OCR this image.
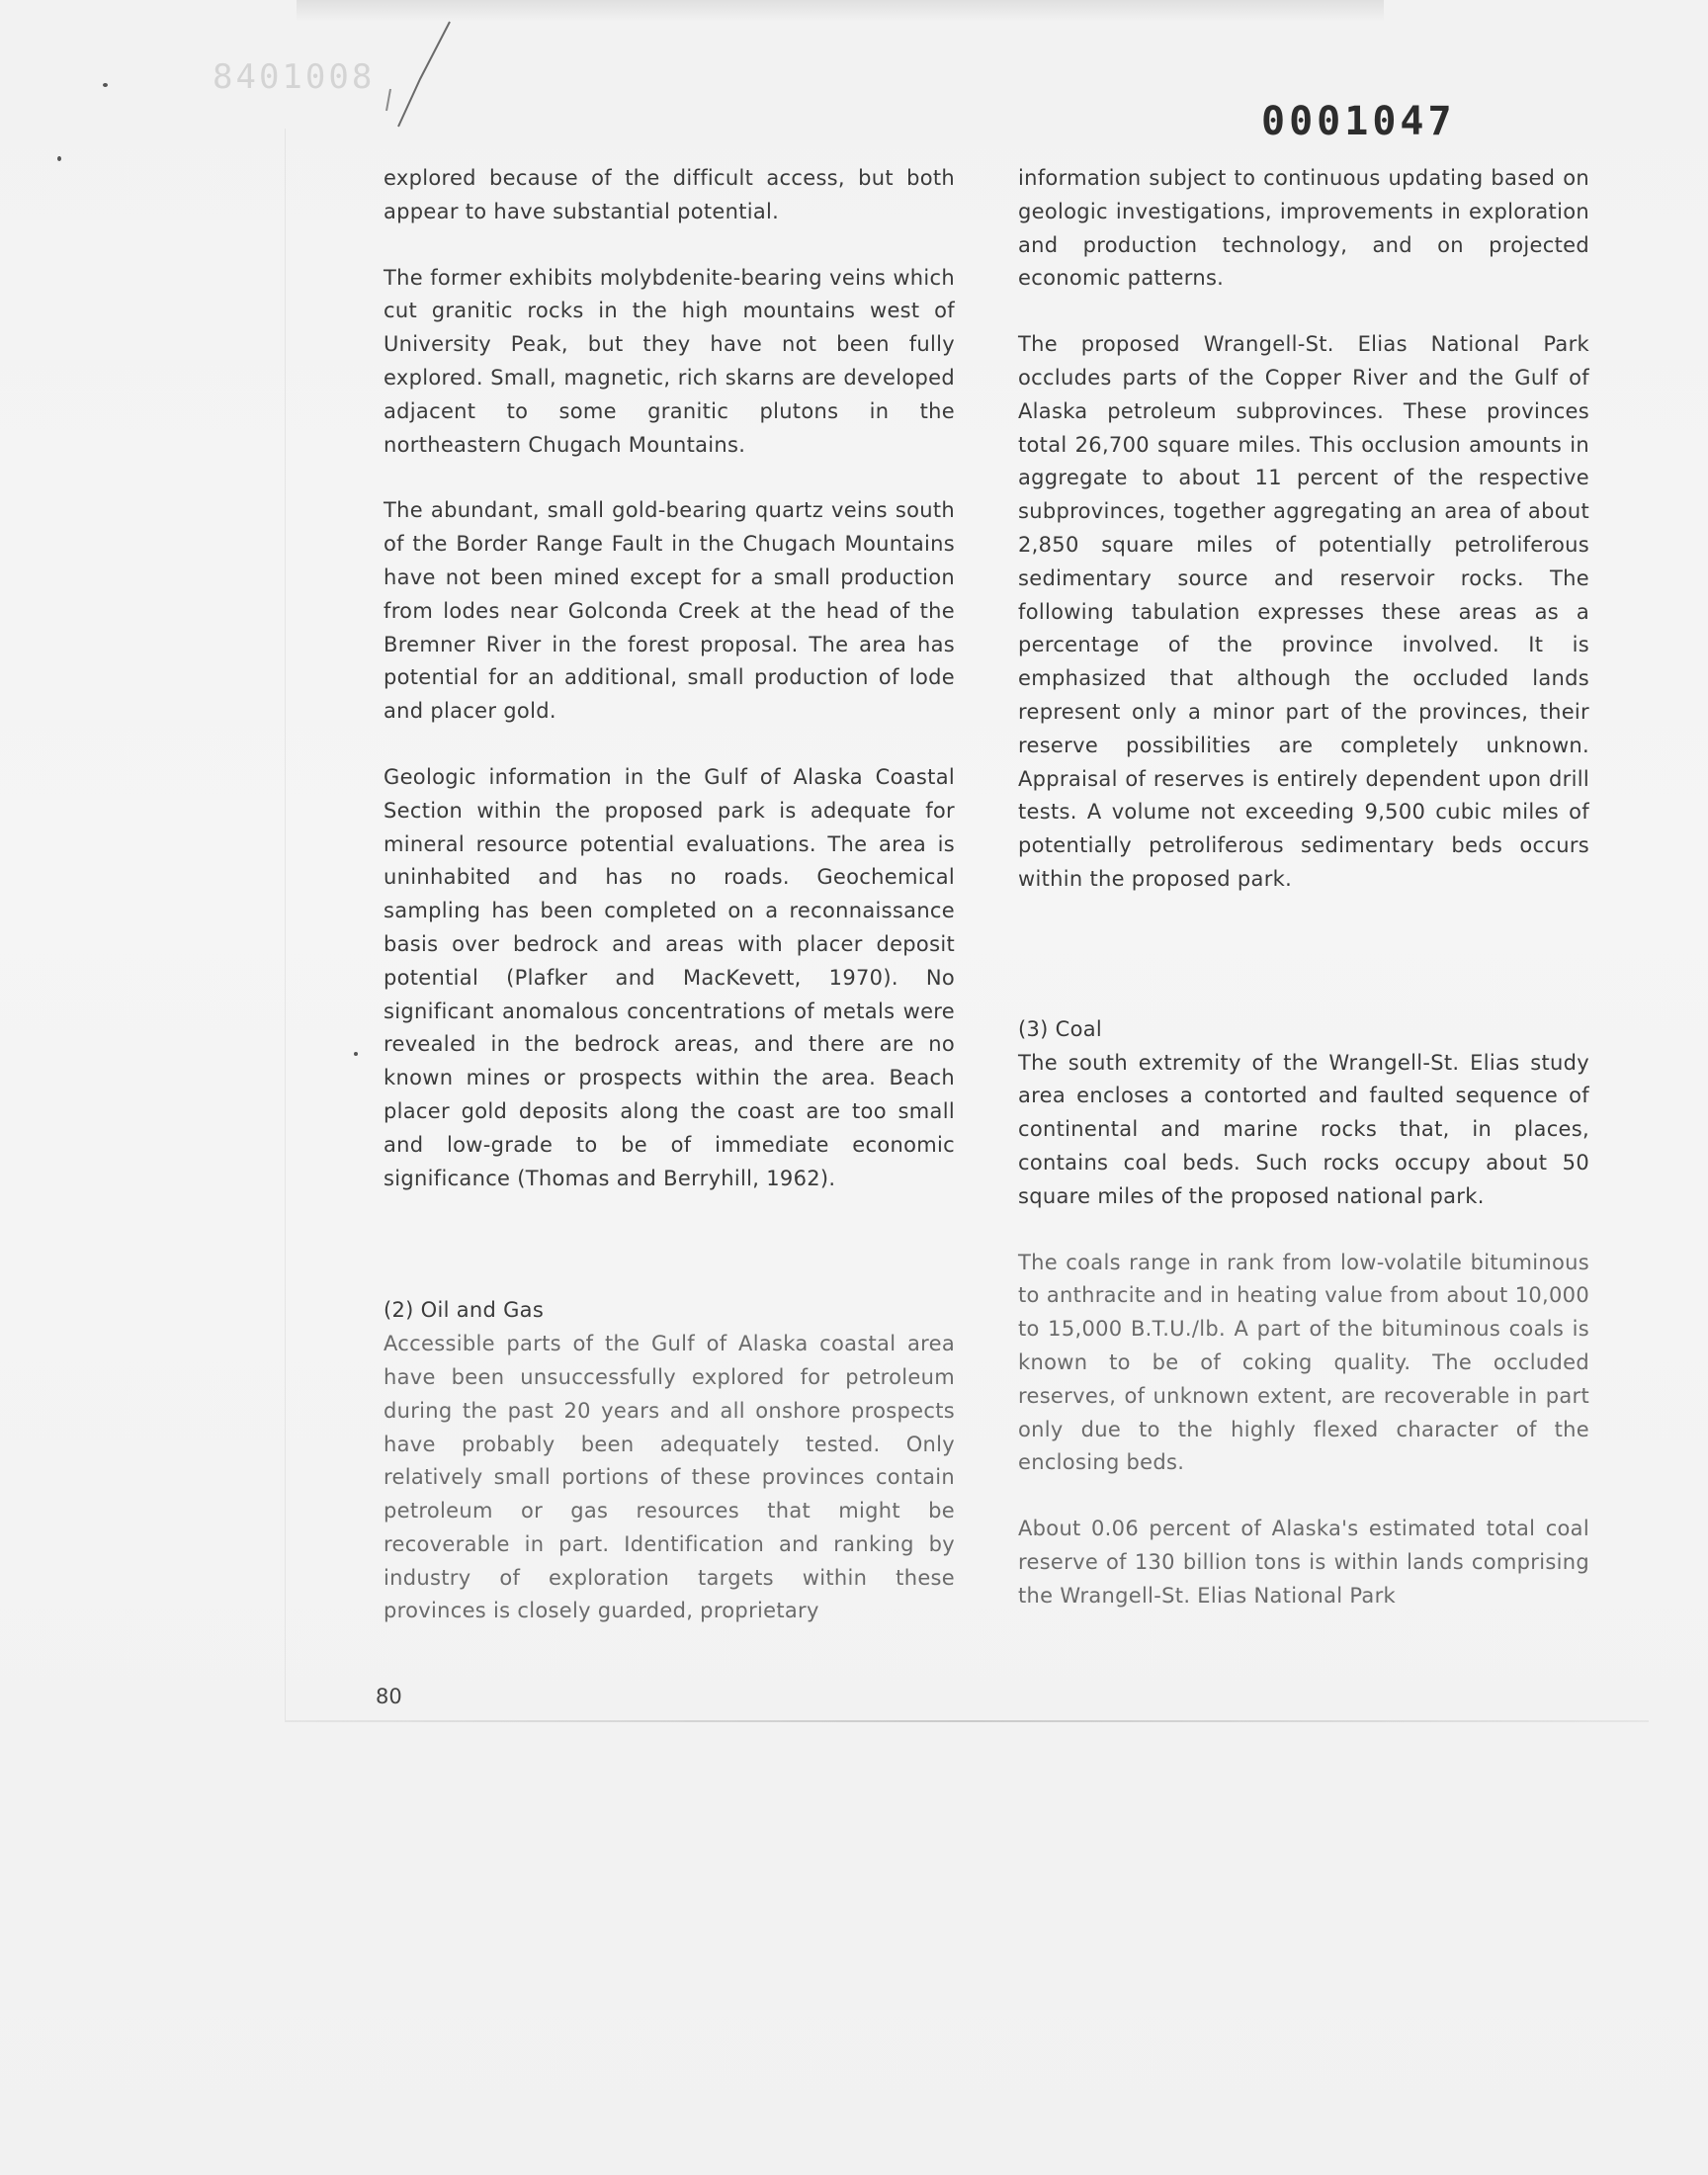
8401008
0001047

explored because of the difficult access, but both appear to have substantial potential.

The former exhibits molybdenite-bearing veins which cut granitic rocks in the high mountains west of University Peak, but they have not been fully explored. Small, magnetic, rich skarns are developed adjacent to some granitic plutons in the northeastern Chugach Mountains.

The abundant, small gold-bearing quartz veins south of the Border Range Fault in the Chugach Mountains have not been mined except for a small production from lodes near Golconda Creek at the head of the Bremner River in the forest proposal. The area has potential for an additional, small production of lode and placer gold.

Geologic information in the Gulf of Alaska Coastal Section within the proposed park is adequate for mineral resource potential evaluations. The area is uninhabited and has no roads. Geochemical sampling has been completed on a reconnaissance basis over bedrock and areas with placer deposit potential (Plafker and MacKevett, 1970). No significant anomalous concentrations of metals were revealed in the bedrock areas, and there are no known mines or prospects within the area. Beach placer gold deposits along the coast are too small and low-grade to be of immediate economic significance (Thomas and Berryhill, 1962).

(2) Oil and Gas

Accessible parts of the Gulf of Alaska coastal area have been unsuccessfully explored for petroleum during the past 20 years and all onshore prospects have probably been adequately tested. Only relatively small portions of these provinces contain petroleum or gas resources that might be recoverable in part. Identification and ranking by industry of exploration targets within these provinces is closely guarded, proprietary

information subject to continuous updating based on geologic investigations, improvements in exploration and production technology, and on projected economic patterns.

The proposed Wrangell-St. Elias National Park occludes parts of the Copper River and the Gulf of Alaska petroleum subprovinces. These provinces total 26,700 square miles. This occlusion amounts in aggregate to about 11 percent of the respective subprovinces, together aggregating an area of about 2,850 square miles of potentially petroliferous sedimentary source and reservoir rocks. The following tabulation expresses these areas as a percentage of the province involved. It is emphasized that although the occluded lands represent only a minor part of the provinces, their reserve possibilities are completely unknown. Appraisal of reserves is entirely dependent upon drill tests. A volume not exceeding 9,500 cubic miles of potentially petroliferous sedimentary beds occurs within the proposed park.

(3) Coal

The south extremity of the Wrangell-St. Elias study area encloses a contorted and faulted sequence of continental and marine rocks that, in places, contains coal beds. Such rocks occupy about 50 square miles of the proposed national park.

The coals range in rank from low-volatile bituminous to anthracite and in heating value from about 10,000 to 15,000 B.T.U./lb. A part of the bituminous coals is known to be of coking quality. The occluded reserves, of unknown extent, are recoverable in part only due to the highly flexed character of the enclosing beds.

About 0.06 percent of Alaska's estimated total coal reserve of 130 billion tons is within lands comprising the Wrangell-St. Elias National Park

80
